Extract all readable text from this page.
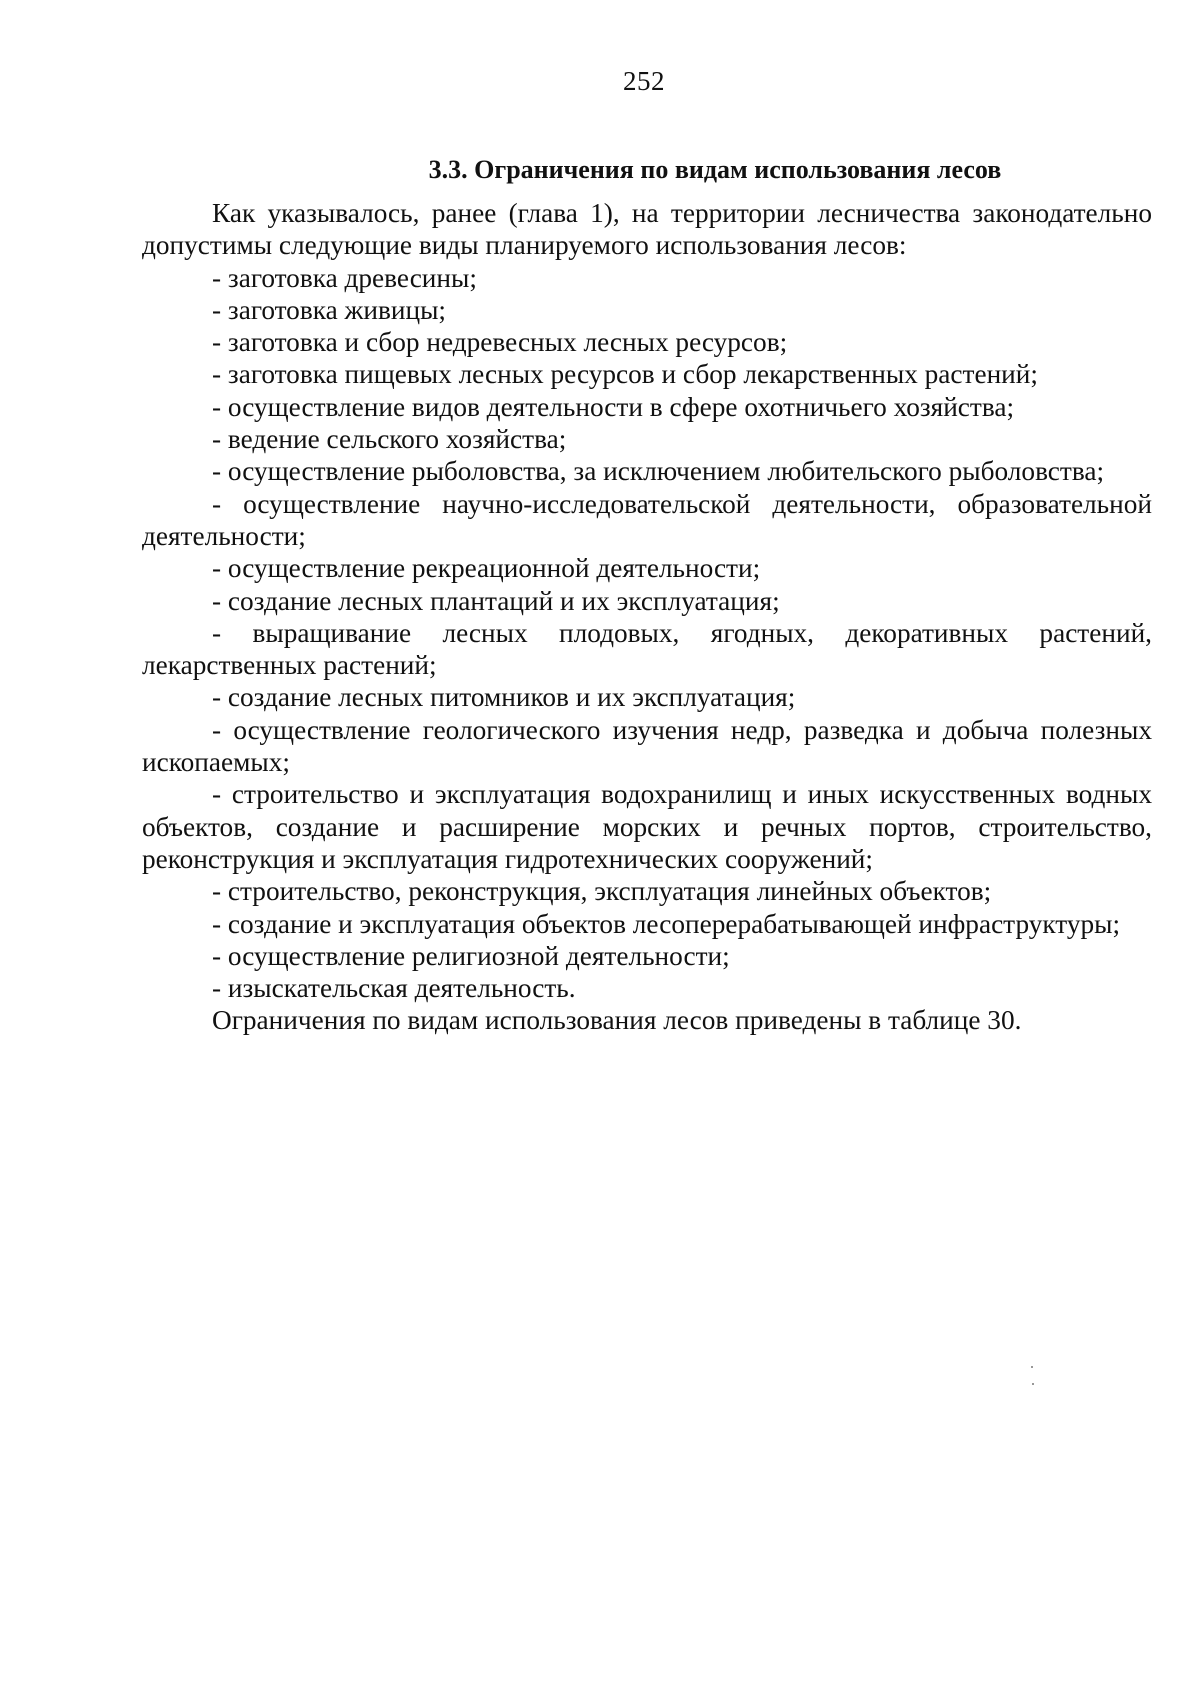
252
3.3. Ограничения по видам использования лесов

Как указывалось, ранее (глава 1), на территории лесничества законодательно допустимы следующие виды планируемого использования лесов:

- заготовка древесины;

- заготовка живицы;

- заготовка и сбор недревесных лесных ресурсов;

- заготовка пищевых лесных ресурсов и сбор лекарственных растений;

- осуществление видов деятельности в сфере охотничьего хозяйства;

- ведение сельского хозяйства;

- осуществление рыболовства, за исключением любительского рыболовства;

- осуществление научно-исследовательской деятельности, образовательной деятельности;

- осуществление рекреационной деятельности;

- создание лесных плантаций и их эксплуатация;

- выращивание лесных плодовых, ягодных, декоративных растений, лекарственных растений;

- создание лесных питомников и их эксплуатация;

- осуществление геологического изучения недр, разведка и добыча полезных ископаемых;

- строительство и эксплуатация водохранилищ и иных искусственных водных объектов, создание и расширение морских и речных портов, строительство, реконструкция и эксплуатация гидротехнических сооружений;

- строительство, реконструкция, эксплуатация линейных объектов;

- создание и эксплуатация объектов лесоперерабатывающей инфраструктуры;

- осуществление религиозной деятельности;

- изыскательская деятельность.

Ограничения по видам использования лесов приведены в таблице 30.
